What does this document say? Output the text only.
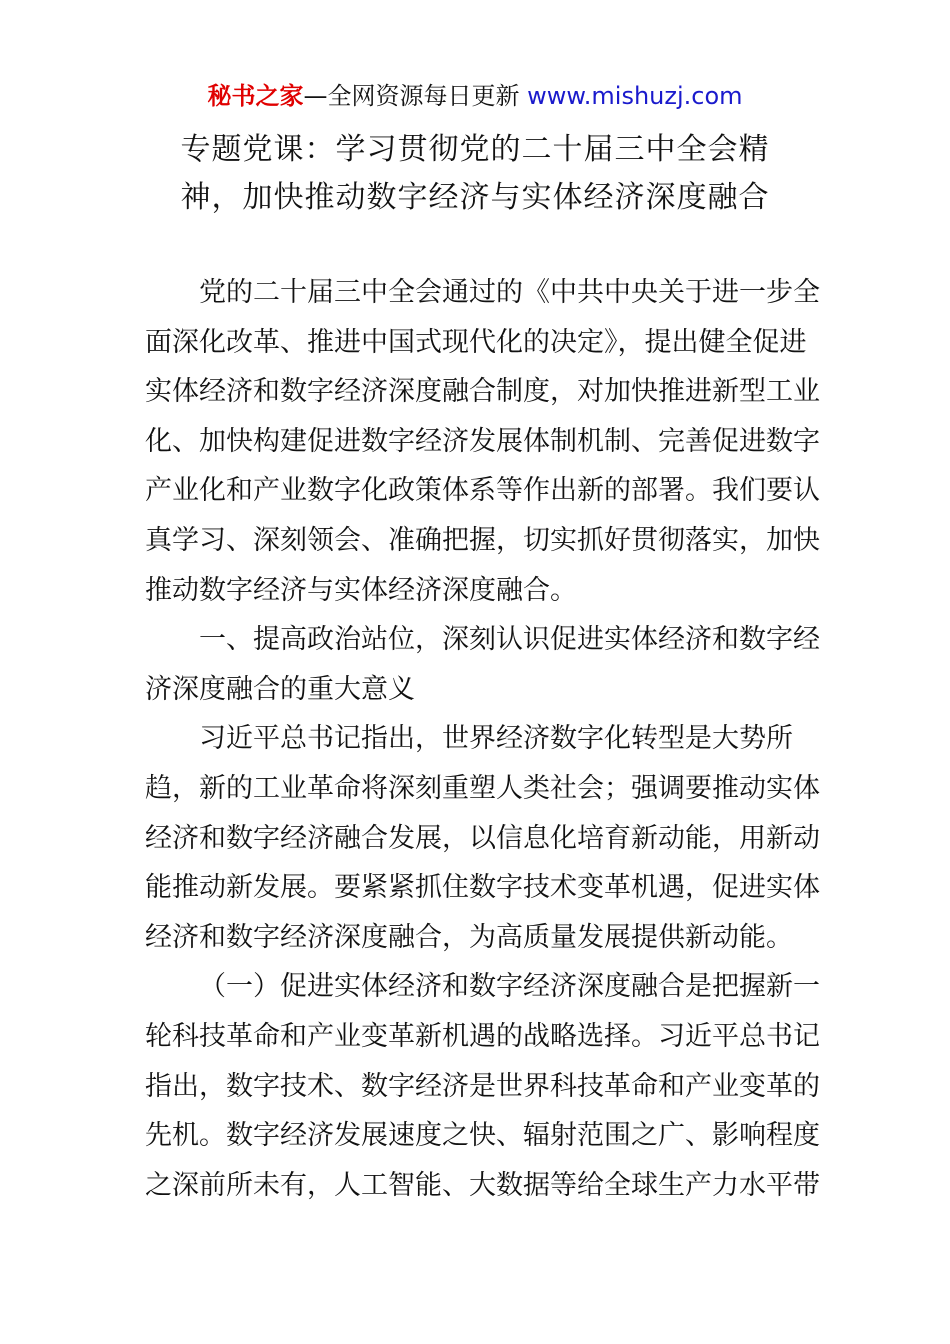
秘书之家—全网资源每日更新 www.mishuzj.com
专题党课：学习贯彻党的二十届三中全会精
神，加快推动数字经济与实体经济深度融合
党的二十届三中全会通过的《中共中央关于进一步全
面深化改革、推进中国式现代化的决定》，提出健全促进
实体经济和数字经济深度融合制度，对加快推进新型工业
化、加快构建促进数字经济发展体制机制、完善促进数字
产业化和产业数字化政策体系等作出新的部署。我们要认
真学习、深刻领会、准确把握，切实抓好贯彻落实，加快
推动数字经济与实体经济深度融合。
一、提高政治站位，深刻认识促进实体经济和数字经
济深度融合的重大意义
习近平总书记指出，世界经济数字化转型是大势所
趋，新的工业革命将深刻重塑人类社会；强调要推动实体
经济和数字经济融合发展，以信息化培育新动能，用新动
能推动新发展。要紧紧抓住数字技术变革机遇，促进实体
经济和数字经济深度融合，为高质量发展提供新动能。
（一）促进实体经济和数字经济深度融合是把握新一
轮科技革命和产业变革新机遇的战略选择。习近平总书记
指出，数字技术、数字经济是世界科技革命和产业变革的
先机。数字经济发展速度之快、辐射范围之广、影响程度
之深前所未有，人工智能、大数据等给全球生产力水平带
